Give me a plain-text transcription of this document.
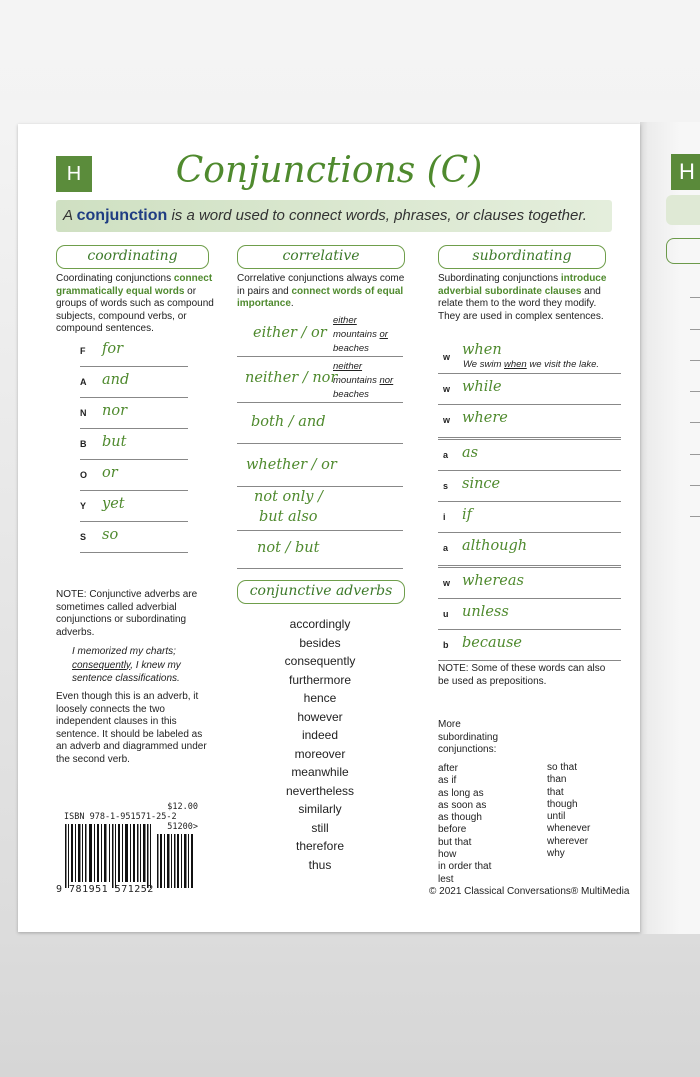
H
H	Conjunctions (C)
A conjunction is a word used to connect words, phrases, or clauses together.
coordinating
Coordinating conjunctions connect grammatically equal words or groups of words such as compound subjects, compound verbs, or compound sentences.
F for
A and
N nor
B but
O or
Y yet
S so
NOTE: Conjunctive adverbs are sometimes called adverbial conjunctions or subordinating adverbs.
I memorized my charts; consequently, I knew my sentence classifications.
Even though this is an adverb, it loosely connects the two independent clauses in this sentence. It should be labeled as an adverb and diagrammed under the second verb.
correlative
Correlative conjunctions always come in pairs and connect words of equal importance.
either / or
either
mountains or
beaches
neither / nor
neither
mountains nor
beaches
both / and
whether / or
not only /
but also
not / but
conjunctive adverbs
accordingly
besides
consequently
furthermore
hence
however
indeed
moreover
meanwhile
nevertheless
similarly
still
therefore
thus
subordinating
Subordinating conjunctions introduce adverbial subordinate clauses and relate them to the word they modify. They are used in complex sentences.
w when
We swim when we visit the lake.
w while
w where
a as
s since
i if
a although
w whereas
u unless
b because
NOTE: Some of these words can also be used as prepositions.
More subordinating conjunctions:
after
as if
as long as
as soon as
as though
before
but that
how
in order that
lest
so that
than
that
though
until
whenever
wherever
why
$12.00
ISBN 978-1-951571-25-2
51200>
9 781951 571252	© 2021 Classical Conversations® MultiMedia
